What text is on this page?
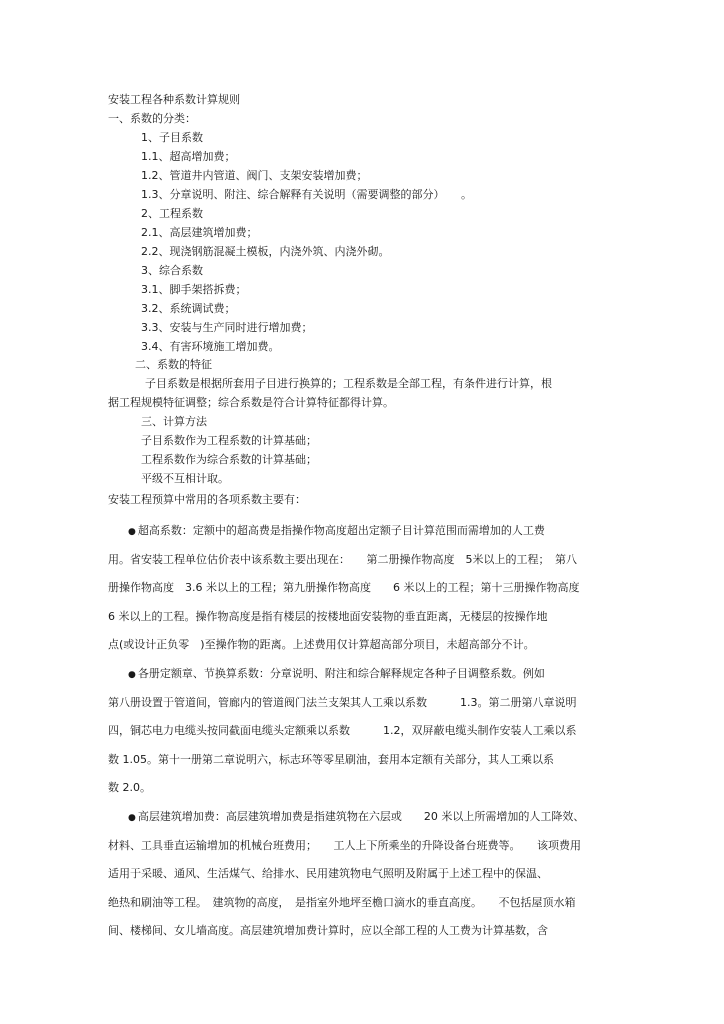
安装工程各种系数计算规则
一、系数的分类：
1、子目系数
1.1、超高增加费；
1.2、管道井内管道、阀门、支架安装增加费；
1.3、分章说明、附注、综合解释有关说明（需要调整的部分）　　。
2、工程系数
2.1、高层建筑增加费；
2.2、现浇钢筋混凝土模板，内浇外筑、内浇外砌。
3、综合系数
3.1、脚手架搭拆费；
3.2、系统调试费；
3.3、安装与生产同时进行增加费；
3.4、有害环境施工增加费。
二、系数的特征
子目系数是根据所套用子目进行换算的；工程系数是全部工程，有条件进行计算，根
据工程规模特征调整；综合系数是符合计算特征都得计算。
三、计算方法
子目系数作为工程系数的计算基础；
工程系数作为综合系数的计算基础；
平级不互相计取。
安装工程预算中常用的各项系数主要有：
● 超高系数：定额中的超高费是指操作物高度超出定额子目计算范围而需增加的人工费
用。省安装工程单位估价表中该系数主要出现在：　　第二册操作物高度　5米以上的工程；　第八
册操作物高度　3.6 米以上的工程；第九册操作物高度　　6 米以上的工程；第十三册操作物高度
6 米以上的工程。操作物高度是指有楼层的按楼地面安装物的垂直距离，无楼层的按操作地
点(或设计正负零　)至操作物的距离。上述费用仅计算超高部分项目，未超高部分不计。
● 各册定额章、节换算系数：分章说明、附注和综合解释规定各种子目调整系数。例如
第八册设置于管道间，管廊内的管道阀门法兰支架其人工乘以系数　　　1.3。第二册第八章说明
四，铜芯电力电缆头按同截面电缆头定额乘以系数　　　1.2，双屏蔽电缆头制作安装人工乘以系
数 1.05。第十一册第二章说明六，标志环等零星刷油，套用本定额有关部分，其人工乘以系
数 2.0。
● 高层建筑增加费：高层建筑增加费是指建筑物在六层或　　20 米以上所需增加的人工降效、
材料、工具垂直运输增加的机械台班费用；　　工人上下所乘坐的升降设备台班费等。　　该项费用
适用于采暖、通风、生活煤气、给排水、民用建筑物电气照明及附属于上述工程中的保温、
绝热和刷油等工程。　建筑物的高度，　是指室外地坪至檐口滴水的垂直高度。　　不包括屋顶水箱
间、楼梯间、女儿墙高度。高层建筑增加费计算时，应以全部工程的人工费为计算基数，含
